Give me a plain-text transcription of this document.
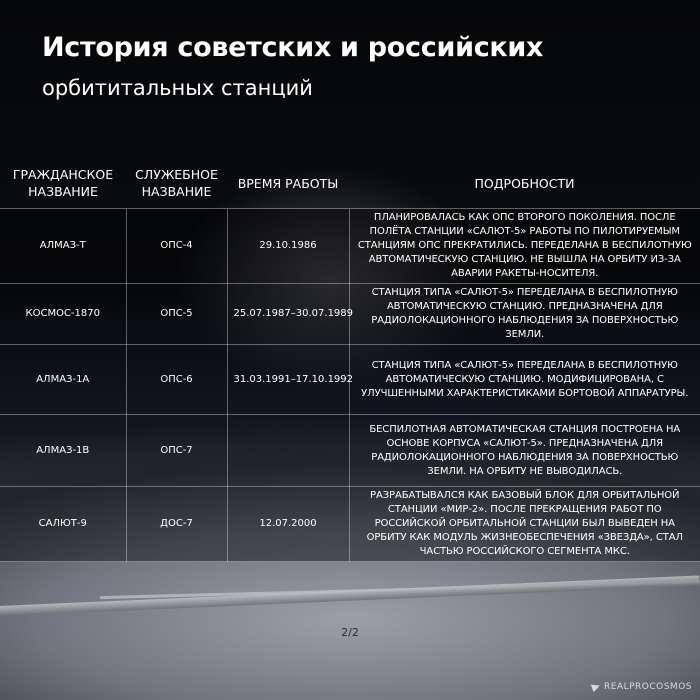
История советских и российских
орбититальных станций
ГРАЖДАНСКОЕ НАЗВАНИЕ	СЛУЖЕБНОЕ НАЗВАНИЕ	ВРЕМЯ РАБОТЫ	ПОДРОБНОСТИ
АЛМАЗ-Т	ОПС-4	29.10.1986	ПЛАНИРОВАЛАСЬ КАК ОПС ВТОРОГО ПОКОЛЕНИЯ. ПОСЛЕ ПОЛЁТА СТАНЦИИ «САЛЮТ-5» РАБОТЫ ПО ПИЛОТИРУЕМЫМ СТАНЦИЯМ ОПС ПРЕКРАТИЛИСЬ. ПЕРЕДЕЛАНА В БЕСПИЛОТНУЮ АВТОМАТИЧЕСКУЮ СТАНЦИЮ. НЕ ВЫШЛА НА ОРБИТУ ИЗ-ЗА АВАРИИ РАКЕТЫ-НОСИТЕЛЯ.
КОСМОС-1870	ОПС-5	25.07.1987–30.07.1989	СТАНЦИЯ ТИПА «САЛЮТ-5» ПЕРЕДЕЛАНА В БЕСПИЛОТНУЮ АВТОМАТИЧЕСКУЮ СТАНЦИЮ. ПРЕДНАЗНАЧЕНА ДЛЯ РАДИОЛОКАЦИОННОГО НАБЛЮДЕНИЯ ЗА ПОВЕРХНОСТЬЮ ЗЕМЛИ.
АЛМАЗ-1А	ОПС-6	31.03.1991–17.10.1992	СТАНЦИЯ ТИПА «САЛЮТ-5» ПЕРЕДЕЛАНА В БЕСПИЛОТНУЮ АВТОМАТИЧЕСКУЮ СТАНЦИЮ. МОДИФИЦИРОВАНА, С УЛУЧШЕННЫМИ ХАРАКТЕРИСТИКАМИ БОРТОВОЙ АППАРАТУРЫ.
АЛМАЗ-1В	ОПС-7		БЕСПИЛОТНАЯ АВТОМАТИЧЕСКАЯ СТАНЦИЯ ПОСТРОЕНА НА ОСНОВЕ КОРПУСА «САЛЮТ-5». ПРЕДНАЗНАЧЕНА ДЛЯ РАДИОЛОКАЦИОННОГО НАБЛЮДЕНИЯ ЗА ПОВЕРХНОСТЬЮ ЗЕМЛИ. НА ОРБИТУ НЕ ВЫВОДИЛАСЬ.
САЛЮТ-9	ДОС-7	12.07.2000	РАЗРАБАТЫВАЛСЯ КАК БАЗОВЫЙ БЛОК ДЛЯ ОРБИТАЛЬНОЙ СТАНЦИИ «МИР-2». ПОСЛЕ ПРЕКРАЩЕНИЯ РАБОТ ПО РОССИЙСКОЙ ОРБИТАЛЬНОЙ СТАНЦИИ БЫЛ ВЫВЕДЕН НА ОРБИТУ КАК МОДУЛЬ ЖИЗНЕОБЕСПЕЧЕНИЯ «ЗВЕЗДА», СТАЛ ЧАСТЬЮ РОССИЙСКОГО СЕГМЕНТА МКС.
2/2
REALPROCOSMOS
